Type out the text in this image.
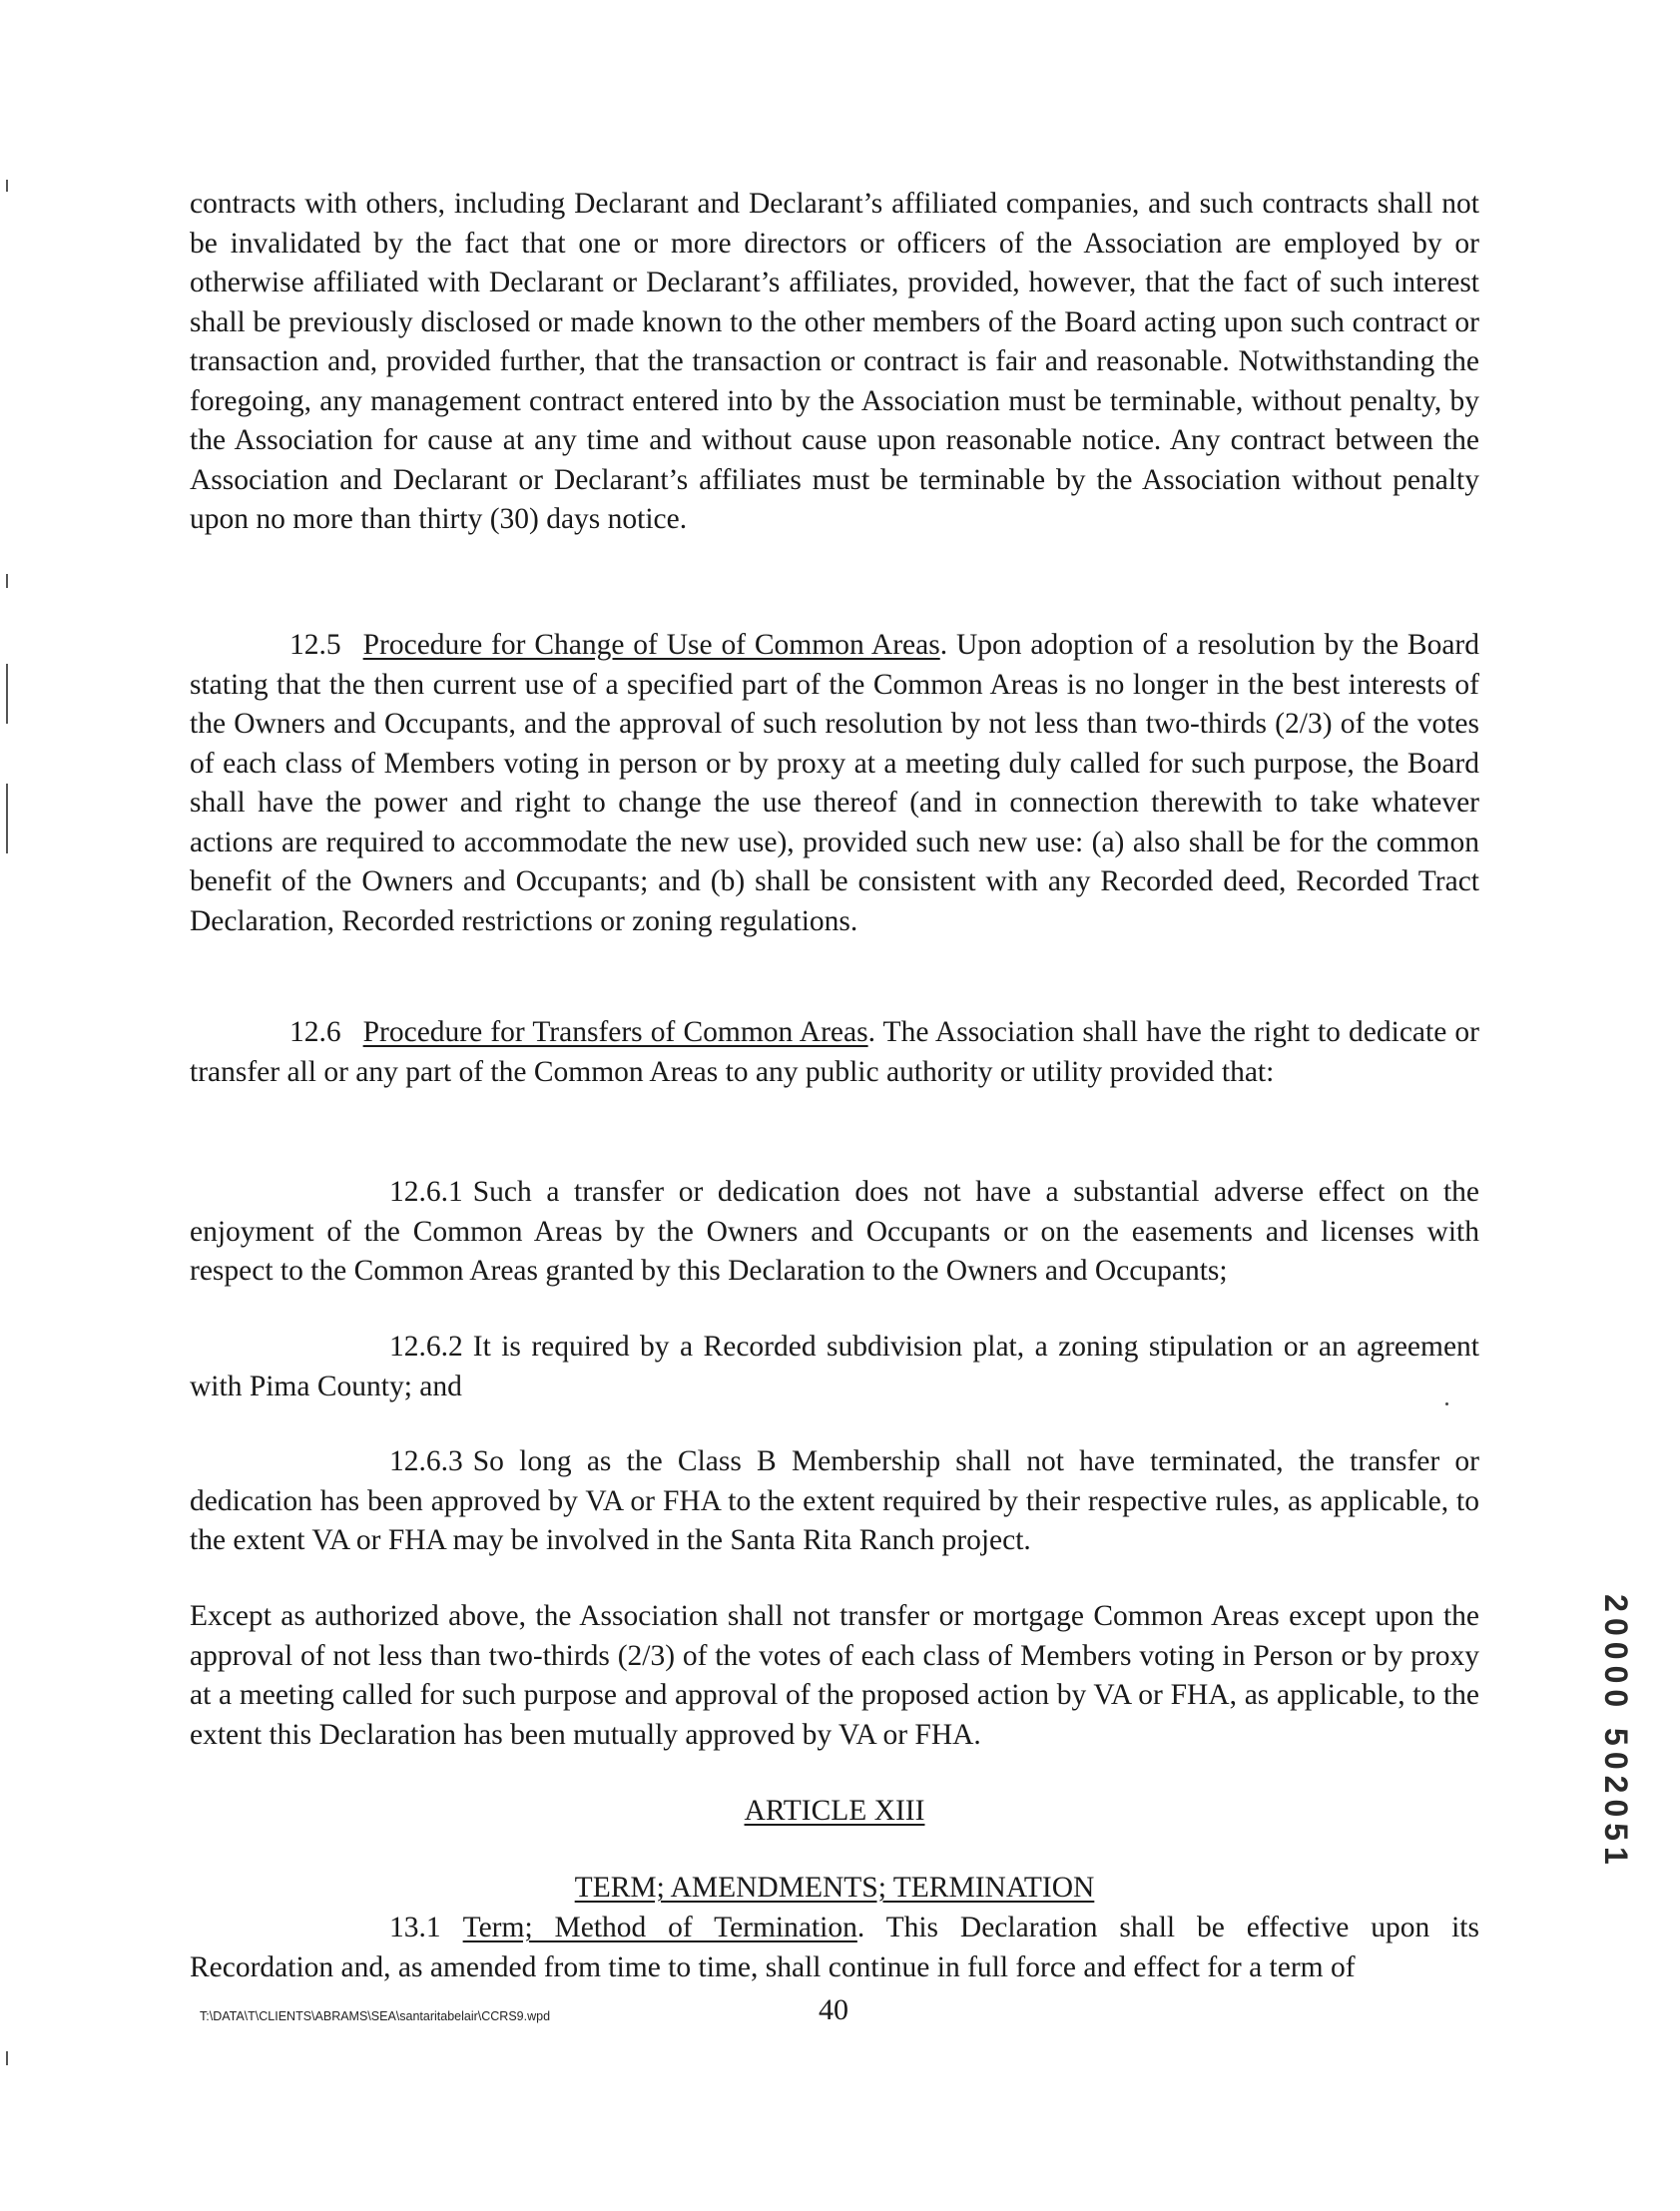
contracts with others, including Declarant and Declarant’s affiliated companies, and such contracts shall not be invalidated by the fact that one or more directors or officers of the Association are employed by or otherwise affiliated with Declarant or Declarant’s affiliates, provided, however, that the fact of such interest shall be previously disclosed or made known to the other members of the Board acting upon such contract or transaction and, provided further, that the transaction or contract is fair and reasonable. Notwithstanding the foregoing, any management contract entered into by the Association must be terminable, without penalty, by the Association for cause at any time and without cause upon reasonable notice. Any contract between the Association and Declarant or Declarant’s affiliates must be terminable by the Association without penalty upon no more than thirty (30) days notice.

12.5 Procedure for Change of Use of Common Areas. Upon adoption of a resolution by the Board stating that the then current use of a specified part of the Common Areas is no longer in the best interests of the Owners and Occupants, and the approval of such resolution by not less than two-thirds (2/3) of the votes of each class of Members voting in person or by proxy at a meeting duly called for such purpose, the Board shall have the power and right to change the use thereof (and in connection therewith to take whatever actions are required to accommodate the new use), provided such new use: (a) also shall be for the common benefit of the Owners and Occupants; and (b) shall be consistent with any Recorded deed, Recorded Tract Declaration, Recorded restrictions or zoning regulations.

12.6 Procedure for Transfers of Common Areas. The Association shall have the right to dedicate or transfer all or any part of the Common Areas to any public authority or utility provided that:

12.6.1 Such a transfer or dedication does not have a substantial adverse effect on the enjoyment of the Common Areas by the Owners and Occupants or on the easements and licenses with respect to the Common Areas granted by this Declaration to the Owners and Occupants;

12.6.2 It is required by a Recorded subdivision plat, a zoning stipulation or an agreement with Pima County; and

12.6.3 So long as the Class B Membership shall not have terminated, the transfer or dedication has been approved by VA or FHA to the extent required by their respective rules, as applicable, to the extent VA or FHA may be involved in the Santa Rita Ranch project.

Except as authorized above, the Association shall not transfer or mortgage Common Areas except upon the approval of not less than two-thirds (2/3) of the votes of each class of Members voting in Person or by proxy at a meeting called for such purpose and approval of the proposed action by VA or FHA, as applicable, to the extent this Declaration has been mutually approved by VA or FHA.

ARTICLE XIII

TERM; AMENDMENTS; TERMINATION

13.1 Term; Method of Termination. This Declaration shall be effective upon its Recordation and, as amended from time to time, shall continue in full force and effect for a term of

T:\DATA\T\CLIENTS\ABRAMS\SEA\santaritabelair\CCRS9.wpd	40
20000 502051
